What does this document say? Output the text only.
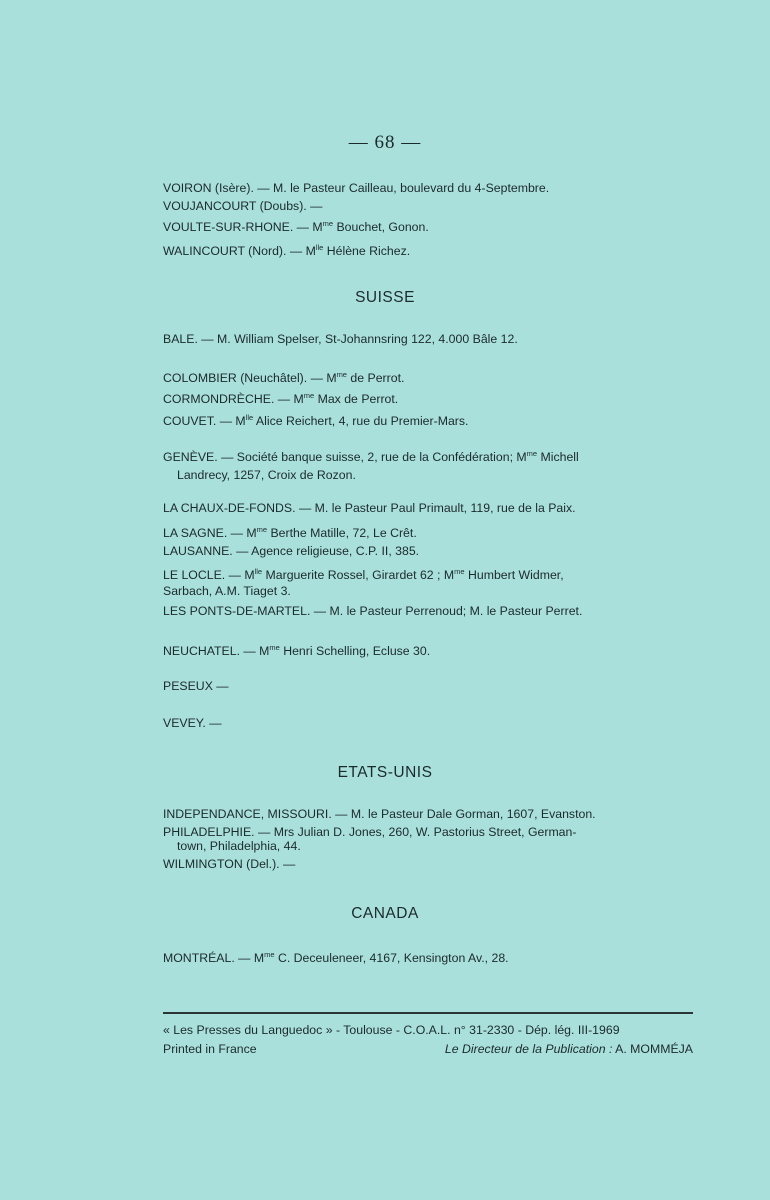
— 68 —
VOIRON (Isère). — M. le Pasteur Cailleau, boulevard du 4-Septembre.
VOUJANCOURT (Doubs). —
VOULTE-SUR-RHONE. — $M^{me}$ Bouchet, Gonon.
WALINCOURT (Nord). — $M^{lle}$ Hélène Richez.
SUISSE
BALE. — M. William Spelser, St-Johannsring 122, 4.000 Bâle 12.
COLOMBIER (Neuchâtel). — $M^{me}$ de Perrot.
CORMONDRÈCHE. — $M^{me}$ Max de Perrot.
COUVET. — $M^{lle}$ Alice Reichert, 4, rue du Premier-Mars.
GENÈVE. — Société banque suisse, 2, rue de la Confédération; $M^{me}$ Michell
Landrecy, 1257, Croix de Rozon.
LA CHAUX-DE-FONDS. — M. le Pasteur Paul Primault, 119, rue de la Paix.
LA SAGNE. — $M^{me}$ Berthe Matille, 72, Le Crêt.
LAUSANNE. — Agence religieuse, C.P. II, 385.
LE LOCLE. — $M^{lle}$ Marguerite Rossel, Girardet 62 ; $M^{me}$ Humbert Widmer,
Sarbach, A.M. Tiaget 3.
LES PONTS-DE-MARTEL. — M. le Pasteur Perrenoud; M. le Pasteur Perret.
NEUCHATEL. — $M^{me}$ Henri Schelling, Ecluse 30.
PESEUX —
VEVEY. —
ETATS-UNIS
INDEPENDANCE, MISSOURI. — M. le Pasteur Dale Gorman, 1607, Evanston.
PHILADELPHIE. — Mrs Julian D. Jones, 260, W. Pastorius Street, German-
town, Philadelphia, 44.
WILMINGTON (Del.). —
CANADA
MONTRÉAL. — $M^{me}$ C. Deceuleneer, 4167, Kensington Av., 28.
« Les Presses du Languedoc » - Toulouse - C.O.A.L. n° 31-2330 - Dép. lég. III-1969
Printed in France	Le Directeur de la Publication : A. MOMMÉJA
